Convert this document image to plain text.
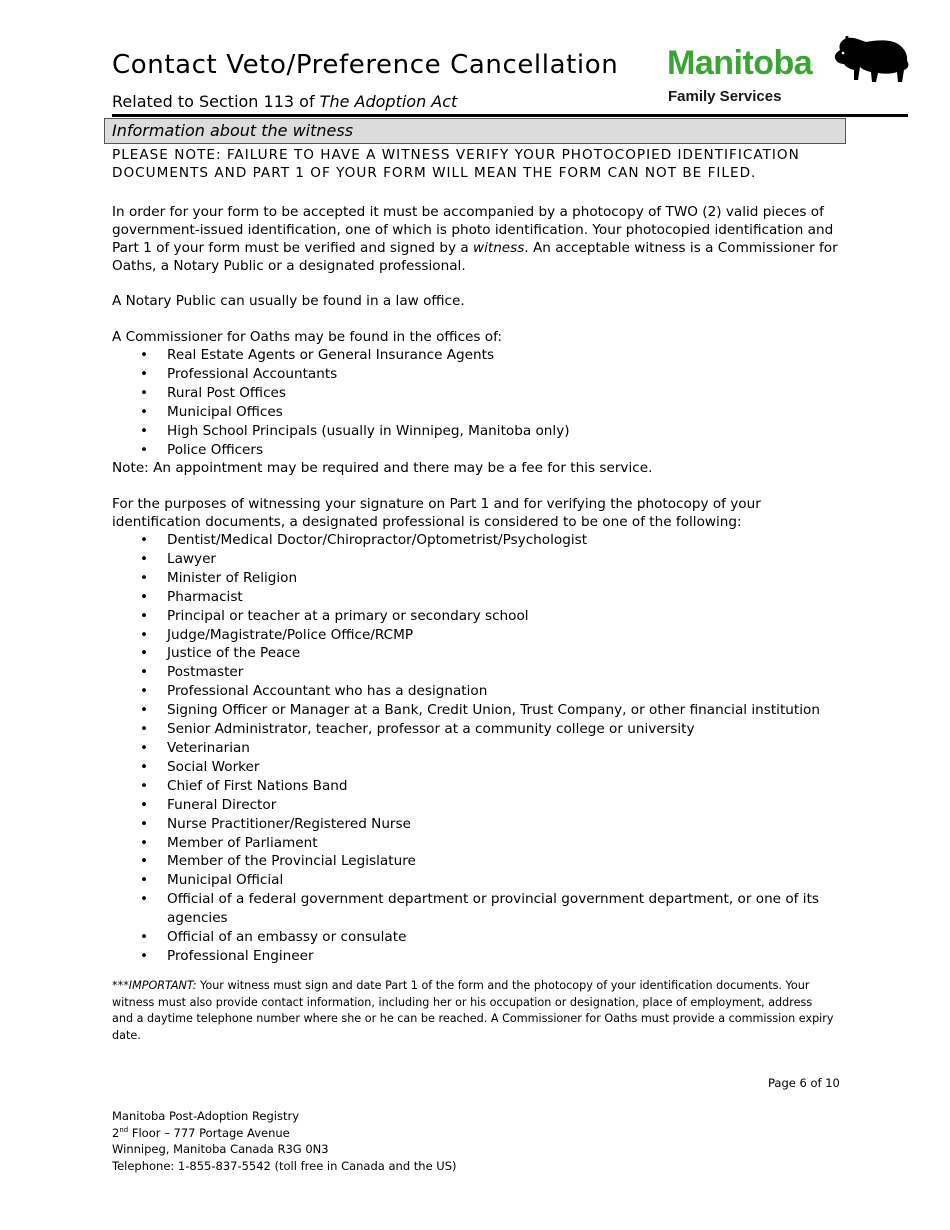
Contact Veto/Preference Cancellation
Related to Section 113 of The Adoption Act
Manitoba
Family Services
Information about the witness
PLEASE NOTE: FAILURE TO HAVE A WITNESS VERIFY YOUR PHOTOCOPIED IDENTIFICATION DOCUMENTS AND PART 1 OF YOUR FORM WILL MEAN THE FORM CAN NOT BE FILED.
In order for your form to be accepted it must be accompanied by a photocopy of TWO (2) valid pieces of government-issued identification, one of which is photo identification. Your photocopied identification and Part 1 of your form must be verified and signed by a witness. An acceptable witness is a Commissioner for Oaths, a Notary Public or a designated professional.
A Notary Public can usually be found in a law office.
A Commissioner for Oaths may be found in the offices of:
• Real Estate Agents or General Insurance Agents
• Professional Accountants
• Rural Post Offices
• Municipal Offices
• High School Principals (usually in Winnipeg, Manitoba only)
• Police Officers
Note: An appointment may be required and there may be a fee for this service.
For the purposes of witnessing your signature on Part 1 and for verifying the photocopy of your identification documents, a designated professional is considered to be one of the following:
• Dentist/Medical Doctor/Chiropractor/Optometrist/Psychologist
• Lawyer
• Minister of Religion
• Pharmacist
• Principal or teacher at a primary or secondary school
• Judge/Magistrate/Police Office/RCMP
• Justice of the Peace
• Postmaster
• Professional Accountant who has a designation
• Signing Officer or Manager at a Bank, Credit Union, Trust Company, or other financial institution
• Senior Administrator, teacher, professor at a community college or university
• Veterinarian
• Social Worker
• Chief of First Nations Band
• Funeral Director
• Nurse Practitioner/Registered Nurse
• Member of Parliament
• Member of the Provincial Legislature
• Municipal Official
• Official of a federal government department or provincial government department, or one of its agencies
• Official of an embassy or consulate
• Professional Engineer
***IMPORTANT: Your witness must sign and date Part 1 of the form and the photocopy of your identification documents. Your witness must also provide contact information, including her or his occupation or designation, place of employment, address and a daytime telephone number where she or he can be reached. A Commissioner for Oaths must provide a commission expiry date.
Page 6 of 10
Manitoba Post-Adoption Registry
2nd Floor – 777 Portage Avenue
Winnipeg, Manitoba Canada R3G 0N3
Telephone: 1-855-837-5542 (toll free in Canada and the US)
